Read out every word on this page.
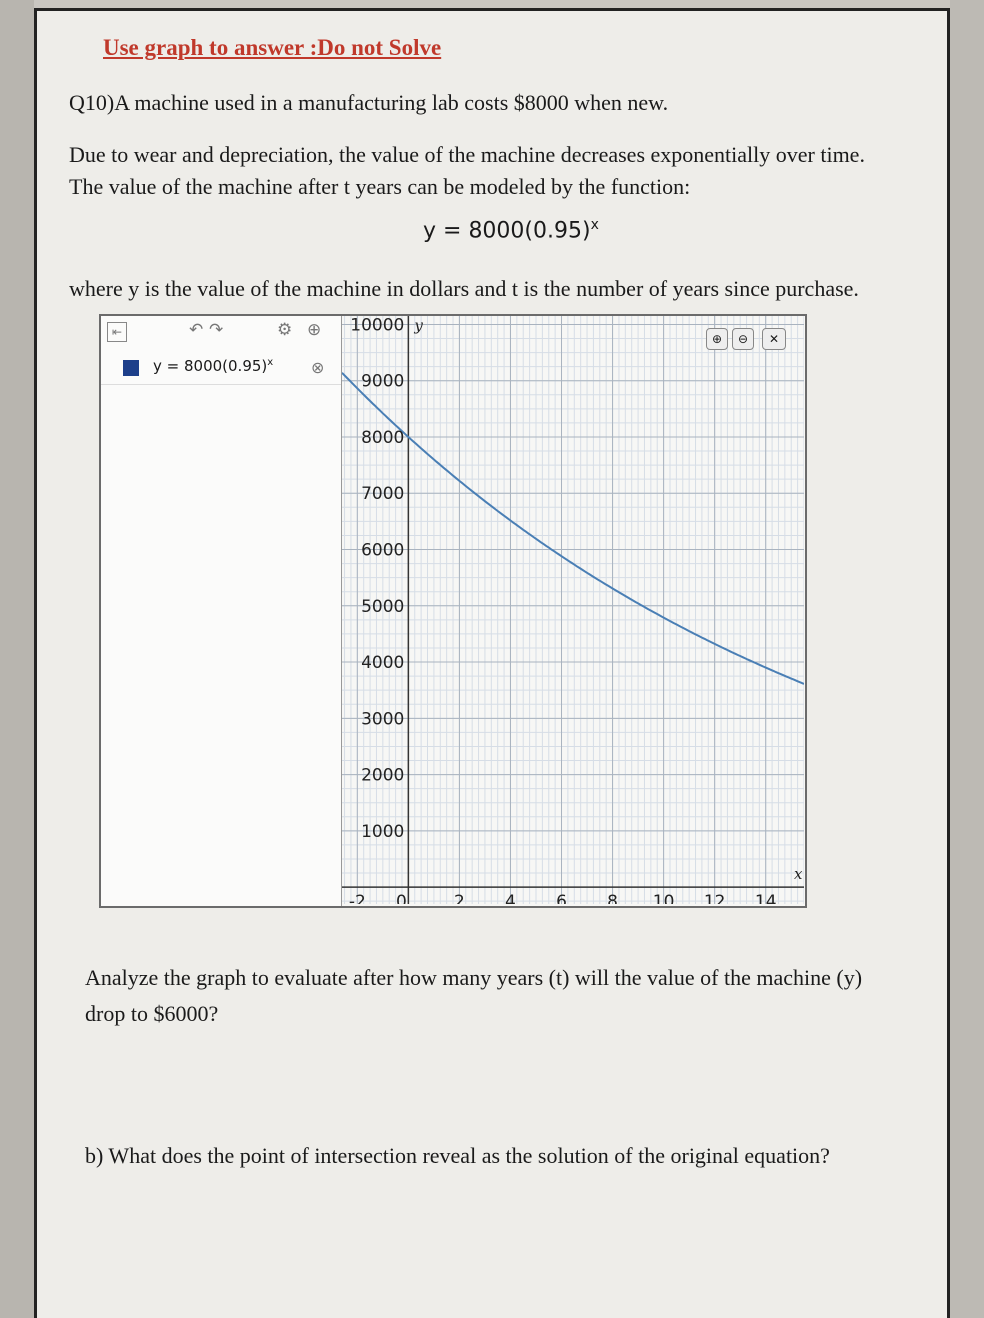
Use graph to answer :Do not Solve
Q10)A machine used in a manufacturing lab costs $8000 when new.
Due to wear and depreciation, the value of the machine decreases exponentially over time.
The value of the machine after t years can be modeled by the function:
$y = 8000(0.95)^x$
where y is the value of the machine in dollars and t is the number of years since purchase.
⇤	↶ ↷	⚙ ⊕
$y = 8000(0.95)^x$ ⊗
1000
2000
3000
4000
5000
6000
7000
8000
9000
10000
-2 0	2 4 6 8 10 12 14
x
y
⊕ ⊖ ✕
Analyze the graph to evaluate after how many years (t) will the value of the machine (y)
drop to $6000?
b) What does the point of intersection reveal as the solution of the original equation?
